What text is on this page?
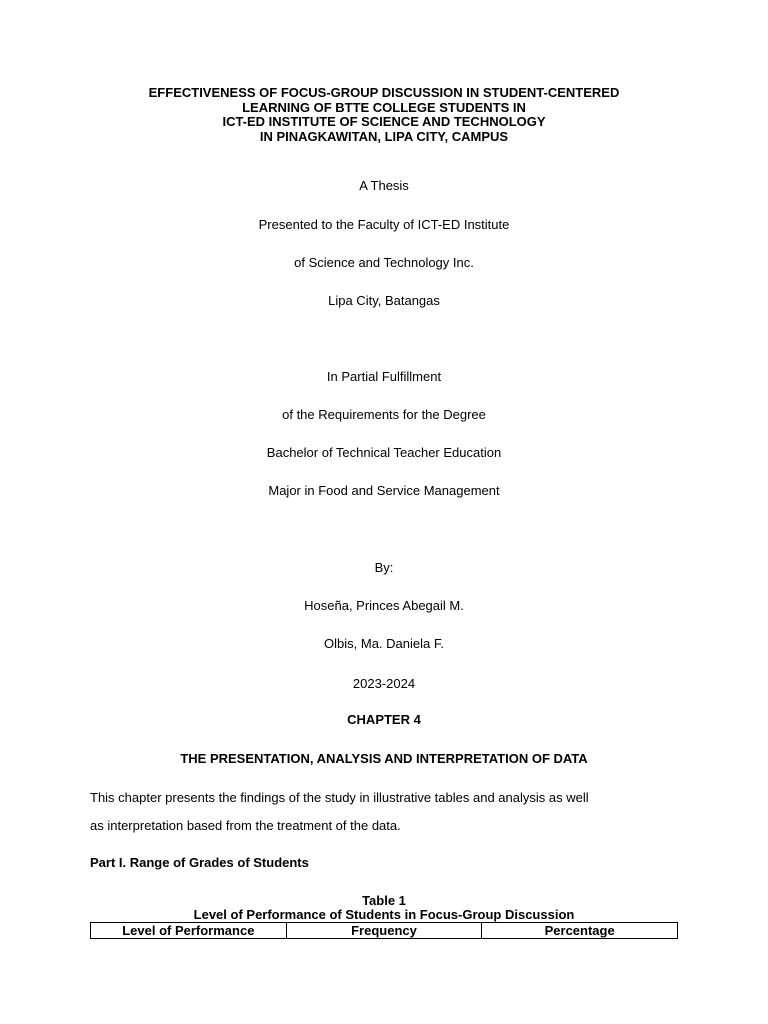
EFFECTIVENESS OF FOCUS-GROUP DISCUSSION IN STUDENT-CENTERED
LEARNING OF BTTE COLLEGE STUDENTS IN
ICT-ED INSTITUTE OF SCIENCE AND TECHNOLOGY
IN PINAGKAWITAN, LIPA CITY, CAMPUS
A Thesis
Presented to the Faculty of ICT-ED Institute
of Science and Technology Inc.
Lipa City, Batangas
In Partial Fulfillment
of the Requirements for the Degree
Bachelor of Technical Teacher Education
Major in Food and Service Management
By:
Hoseña, Princes Abegail M.
Olbis, Ma. Daniela F.
2023-2024
CHAPTER 4
THE PRESENTATION, ANALYSIS AND INTERPRETATION OF DATA
This chapter presents the findings of the study in illustrative tables and analysis as well
as interpretation based from the treatment of the data.
Part I. Range of Grades of Students
Table 1
Level of Performance of Students in Focus-Group Discussion
Level of Performance	Frequency	Percentage
